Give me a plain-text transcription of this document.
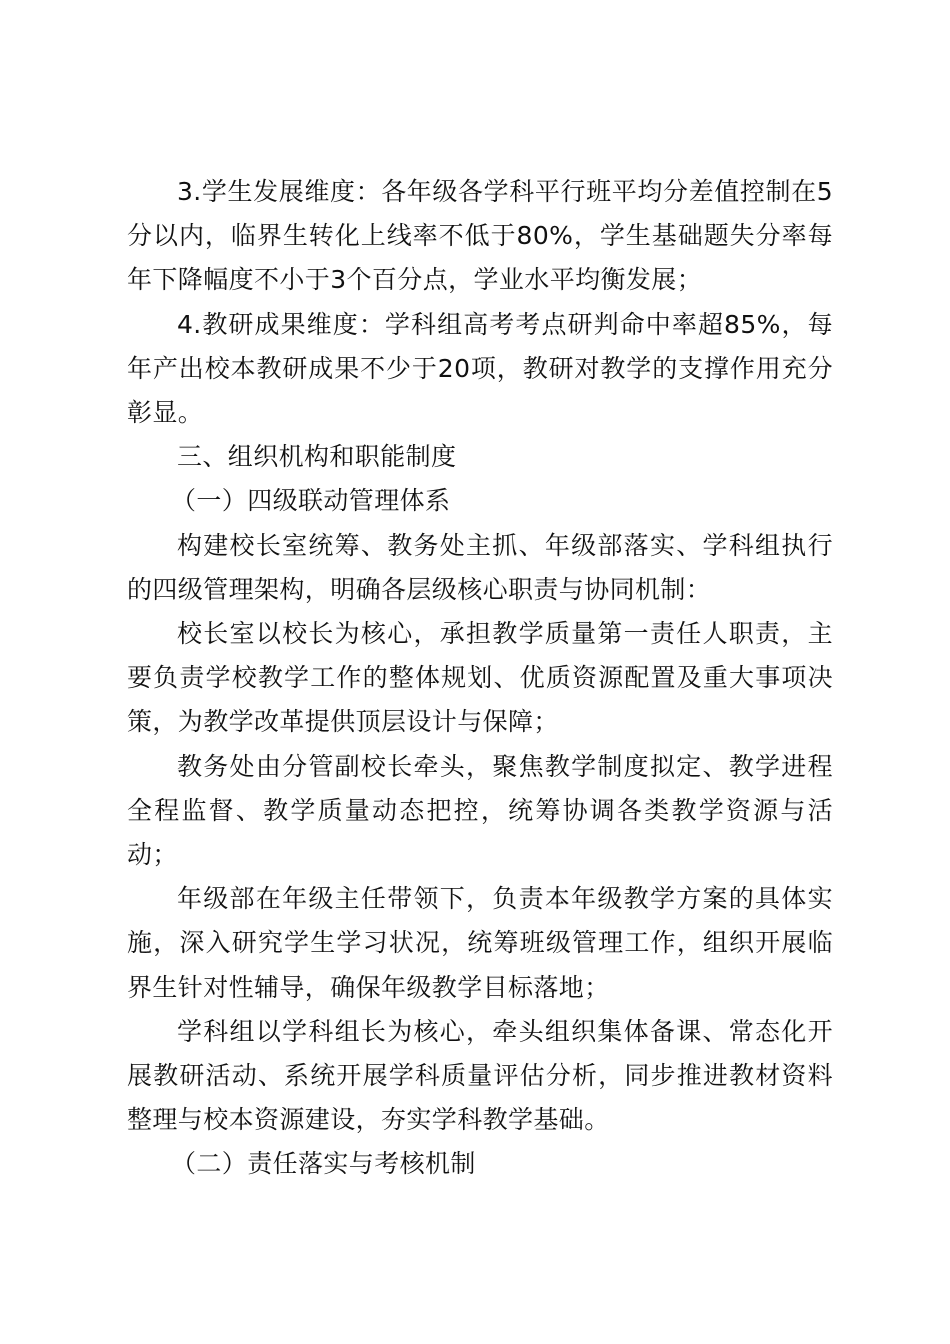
3.学生发展维度：各年级各学科平行班平均分差值控制在5分以内，临界生转化上线率不低于80%，学生基础题失分率每年下降幅度不小于3个百分点，学业水平均衡发展；

4.教研成果维度：学科组高考考点研判命中率超85%，每年产出校本教研成果不少于20项，教研对教学的支撑作用充分彰显。

三、组织机构和职能制度

（一）四级联动管理体系

构建校长室统筹、教务处主抓、年级部落实、学科组执行的四级管理架构，明确各层级核心职责与协同机制：

校长室以校长为核心，承担教学质量第一责任人职责，主要负责学校教学工作的整体规划、优质资源配置及重大事项决策，为教学改革提供顶层设计与保障；

教务处由分管副校长牵头，聚焦教学制度拟定、教学进程全程监督、教学质量动态把控，统筹协调各类教学资源与活动；

年级部在年级主任带领下，负责本年级教学方案的具体实施，深入研究学生学习状况，统筹班级管理工作，组织开展临界生针对性辅导，确保年级教学目标落地；

学科组以学科组长为核心，牵头组织集体备课、常态化开展教研活动、系统开展学科质量评估分析，同步推进教材资料整理与校本资源建设，夯实学科教学基础。

（二）责任落实与考核机制
